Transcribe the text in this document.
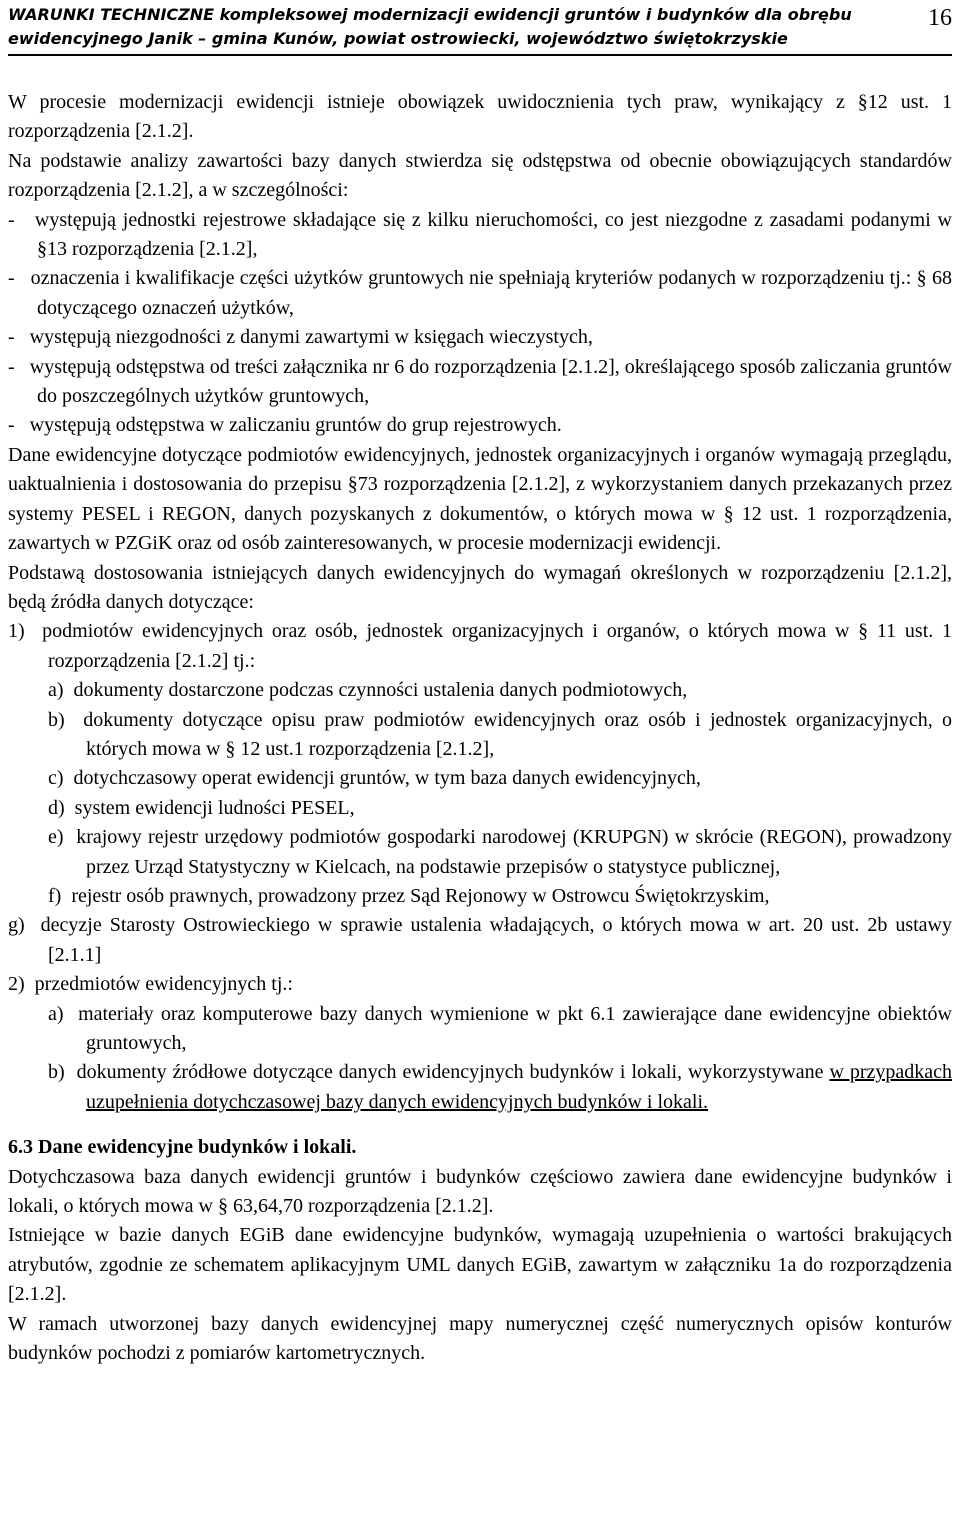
WARUNKI TECHNICZNE kompleksowej modernizacji ewidencji gruntów i budynków dla obrębu
ewidencyjnego Janik – gmina Kunów, powiat ostrowiecki, województwo świętokrzyskie
16

W procesie modernizacji ewidencji istnieje obowiązek uwidocznienia tych praw, wynikający z §12 ust. 1 rozporządzenia [2.1.2].

Na podstawie analizy zawartości bazy danych stwierdza się odstępstwa od obecnie obowiązujących standardów rozporządzenia [2.1.2], a w szczególności:

-   występują jednostki rejestrowe składające się z kilku nieruchomości, co jest niezgodne z zasadami podanymi w §13 rozporządzenia [2.1.2],

-   oznaczenia i kwalifikacje części użytków gruntowych nie spełniają kryteriów podanych w rozporządzeniu tj.: § 68 dotyczącego oznaczeń użytków,

-   występują niezgodności z danymi zawartymi w księgach wieczystych,

-   występują odstępstwa od treści załącznika nr 6 do rozporządzenia [2.1.2], określającego sposób zaliczania gruntów do poszczególnych użytków gruntowych,

-   występują odstępstwa w zaliczaniu gruntów do grup rejestrowych.

Dane ewidencyjne dotyczące podmiotów ewidencyjnych, jednostek organizacyjnych i organów wymagają przeglądu, uaktualnienia i dostosowania do przepisu §73 rozporządzenia [2.1.2], z wykorzystaniem danych przekazanych przez systemy PESEL i REGON, danych pozyskanych z dokumentów, o których mowa w § 12 ust. 1 rozporządzenia, zawartych w PZGiK oraz od osób zainteresowanych, w procesie modernizacji ewidencji.

Podstawą dostosowania istniejących danych ewidencyjnych do wymagań określonych w rozporządzeniu [2.1.2], będą źródła danych dotyczące:

1) podmiotów ewidencyjnych oraz osób, jednostek organizacyjnych i organów, o których mowa w § 11 ust. 1 rozporządzenia [2.1.2] tj.:

a) dokumenty dostarczone podczas czynności ustalenia danych podmiotowych,

b) dokumenty dotyczące opisu praw podmiotów ewidencyjnych oraz osób i jednostek organizacyjnych, o których mowa w § 12 ust.1 rozporządzenia [2.1.2],

c) dotychczasowy operat ewidencji gruntów, w tym baza danych ewidencyjnych,

d) system ewidencji ludności PESEL,

e) krajowy rejestr urzędowy podmiotów gospodarki narodowej (KRUPGN) w skrócie (REGON), prowadzony przez Urząd Statystyczny w Kielcach, na podstawie przepisów o statystyce publicznej,

f) rejestr osób prawnych, prowadzony przez Sąd Rejonowy w Ostrowcu Świętokrzyskim,

g) decyzje Starosty Ostrowieckiego w sprawie ustalenia władających, o których mowa w art. 20 ust. 2b ustawy [2.1.1]

2) przedmiotów ewidencyjnych tj.:

a) materiały oraz komputerowe bazy danych wymienione w pkt 6.1 zawierające dane ewidencyjne obiektów gruntowych,

b) dokumenty źródłowe dotyczące danych ewidencyjnych budynków i lokali, wykorzystywane w przypadkach uzupełnienia dotychczasowej bazy danych ewidencyjnych budynków i lokali.

6.3 Dane ewidencyjne budynków i lokali.

Dotychczasowa baza danych ewidencji gruntów i budynków częściowo zawiera dane ewidencyjne budynków i lokali, o których mowa w § 63,64,70 rozporządzenia [2.1.2].

Istniejące w bazie danych EGiB dane ewidencyjne budynków, wymagają uzupełnienia o wartości brakujących atrybutów, zgodnie ze schematem aplikacyjnym UML danych EGiB, zawartym w załączniku 1a do rozporządzenia [2.1.2].

W ramach utworzonej bazy danych ewidencyjnej mapy numerycznej część numerycznych opisów konturów budynków pochodzi z pomiarów kartometrycznych.
